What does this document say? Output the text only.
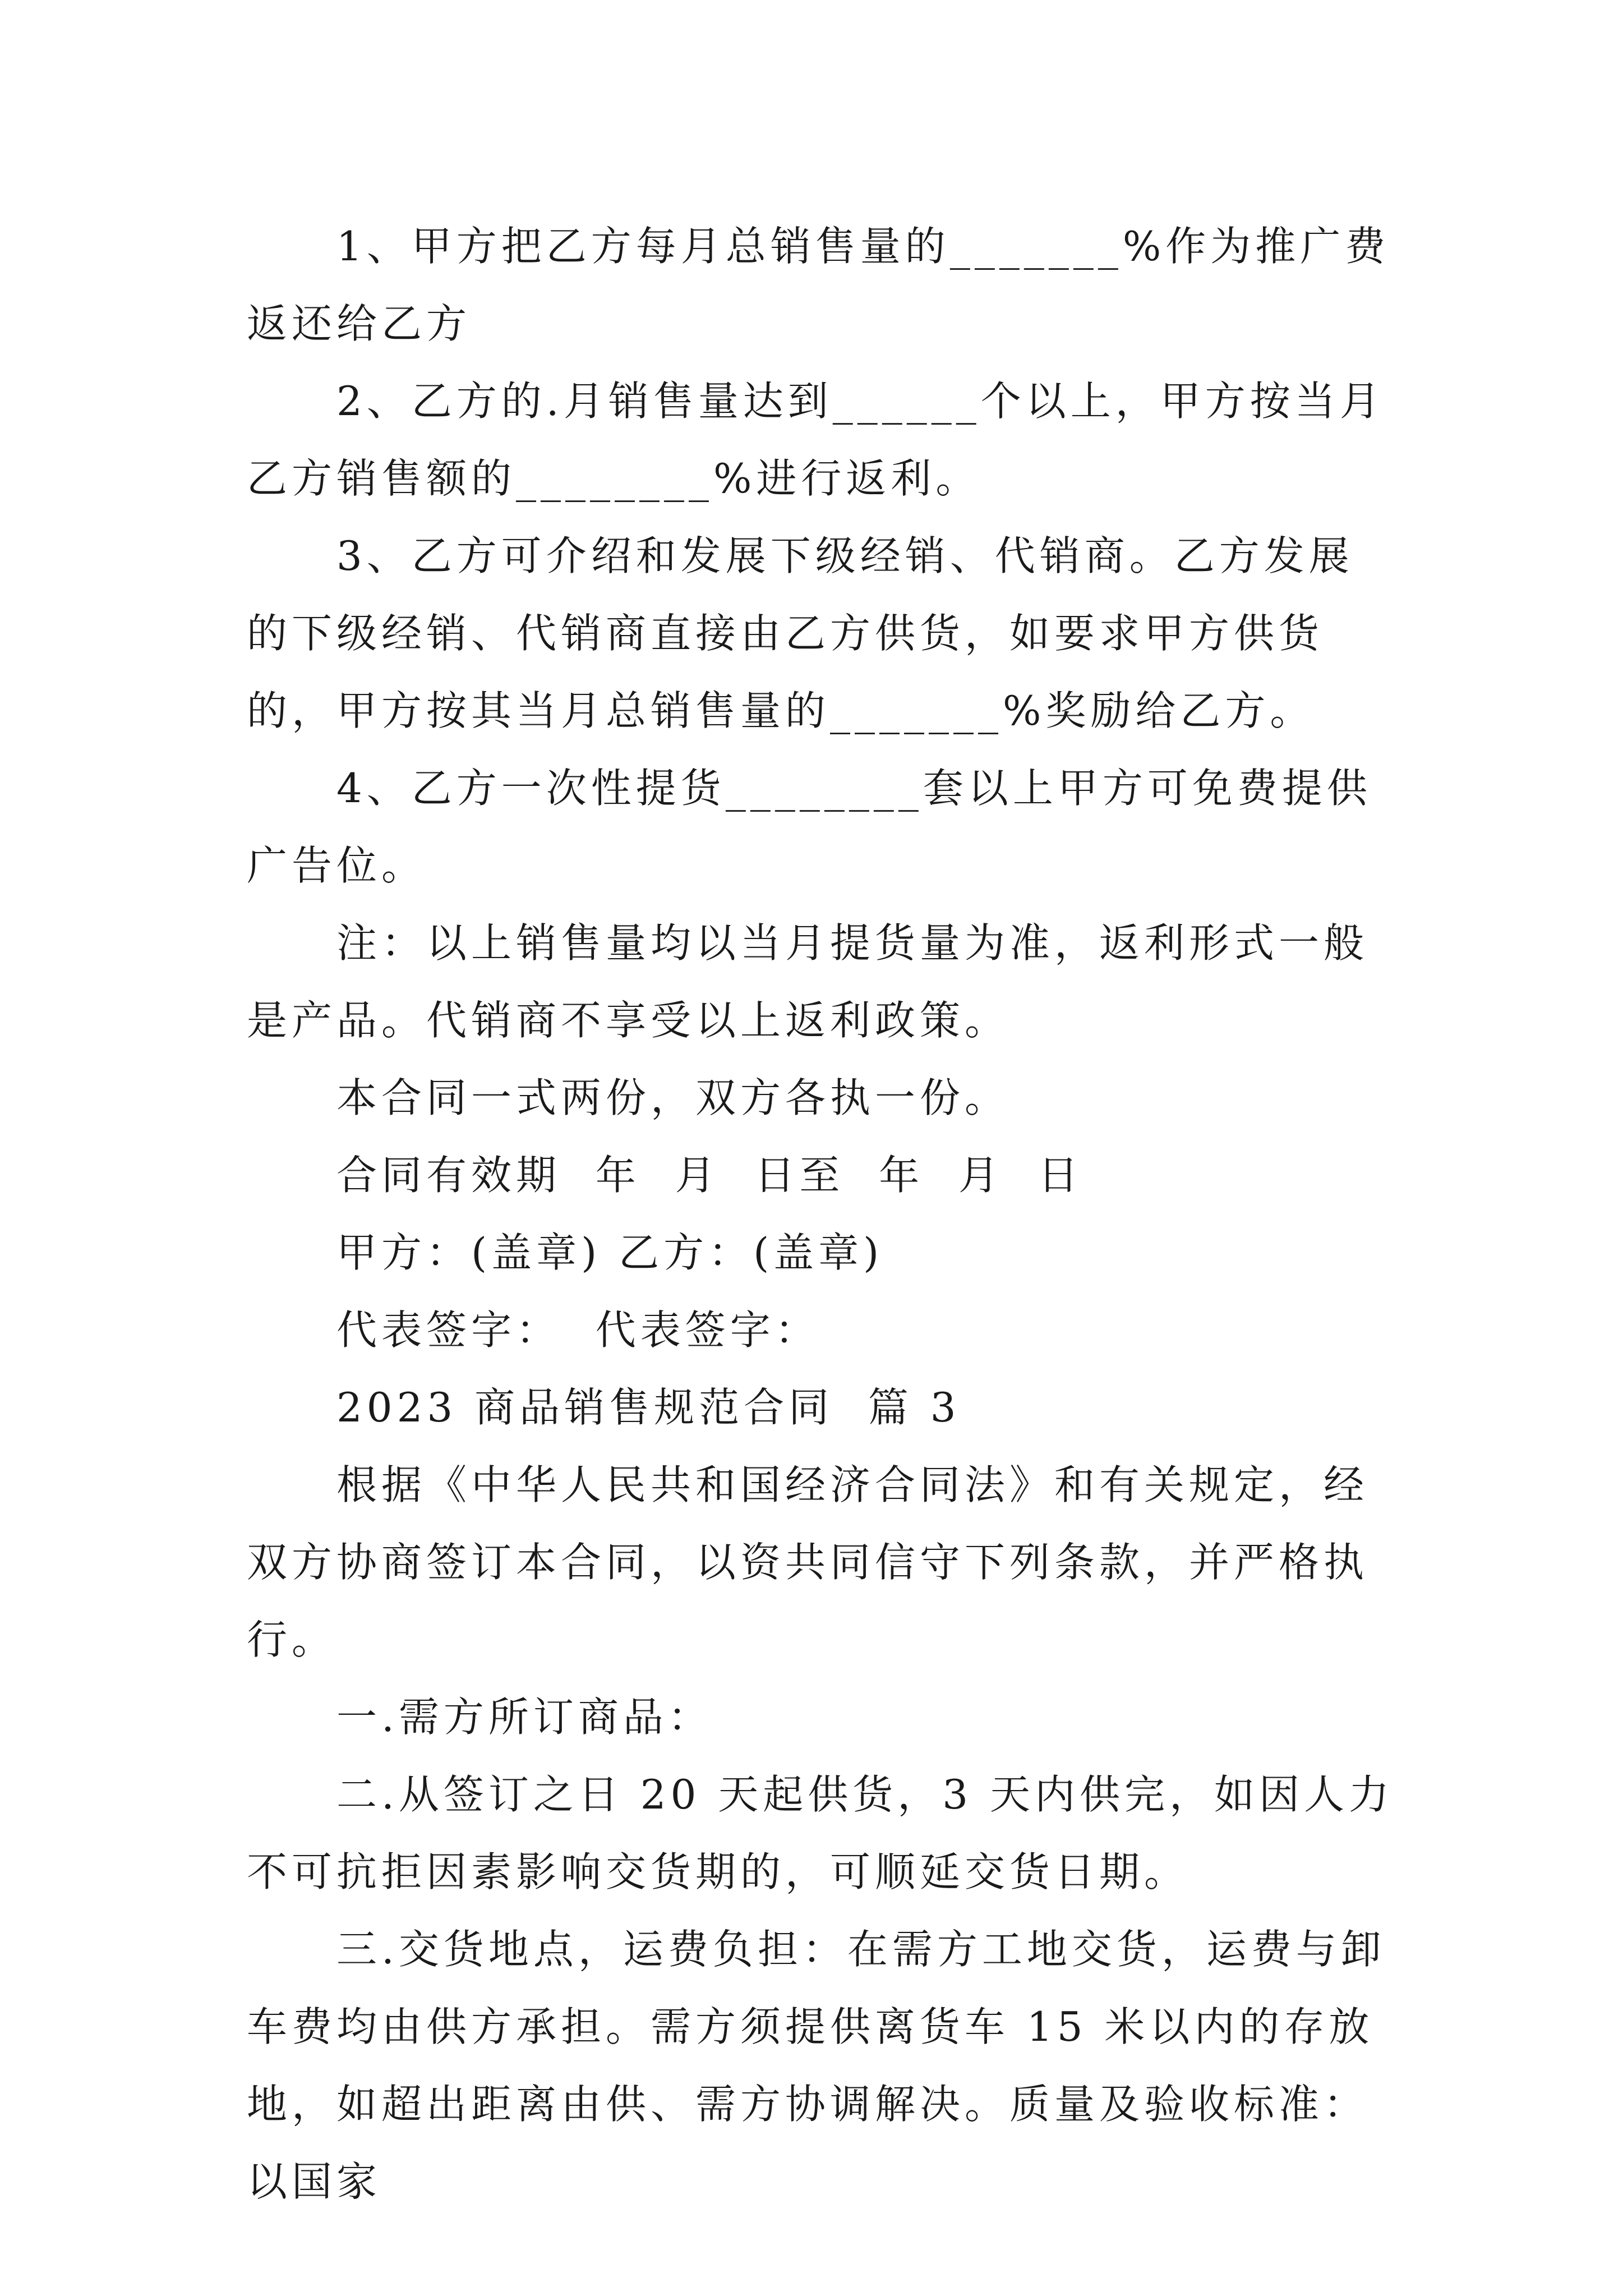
1、甲方把乙方每月总销售量的_______%作为推广费返还给乙方

2、乙方的.月销售量达到______个以上，甲方按当月乙方销售额的________%进行返利。

3、乙方可介绍和发展下级经销、代销商。乙方发展的下级经销、代销商直接由乙方供货，如要求甲方供货的，甲方按其当月总销售量的_______%奖励给乙方。

4、乙方一次性提货________套以上甲方可免费提供广告位。

注：以上销售量均以当月提货量为准，返利形式一般是产品。代销商不享受以上返利政策。

本合同一式两份，双方各执一份。

合同有效期  年  月  日至  年  月  日

甲方：(盖章) 乙方：(盖章)

代表签字：  代表签字：

2023 商品销售规范合同  篇 3

根据《中华人民共和国经济合同法》和有关规定，经双方协商签订本合同，以资共同信守下列条款，并严格执行。

一.需方所订商品：

二.从签订之日 20 天起供货，3 天内供完，如因人力不可抗拒因素影响交货期的，可顺延交货日期。

三.交货地点，运费负担：在需方工地交货，运费与卸车费均由供方承担。需方须提供离货车 15 米以内的存放地，如超出距离由供、需方协调解决。质量及验收标准：以国家
